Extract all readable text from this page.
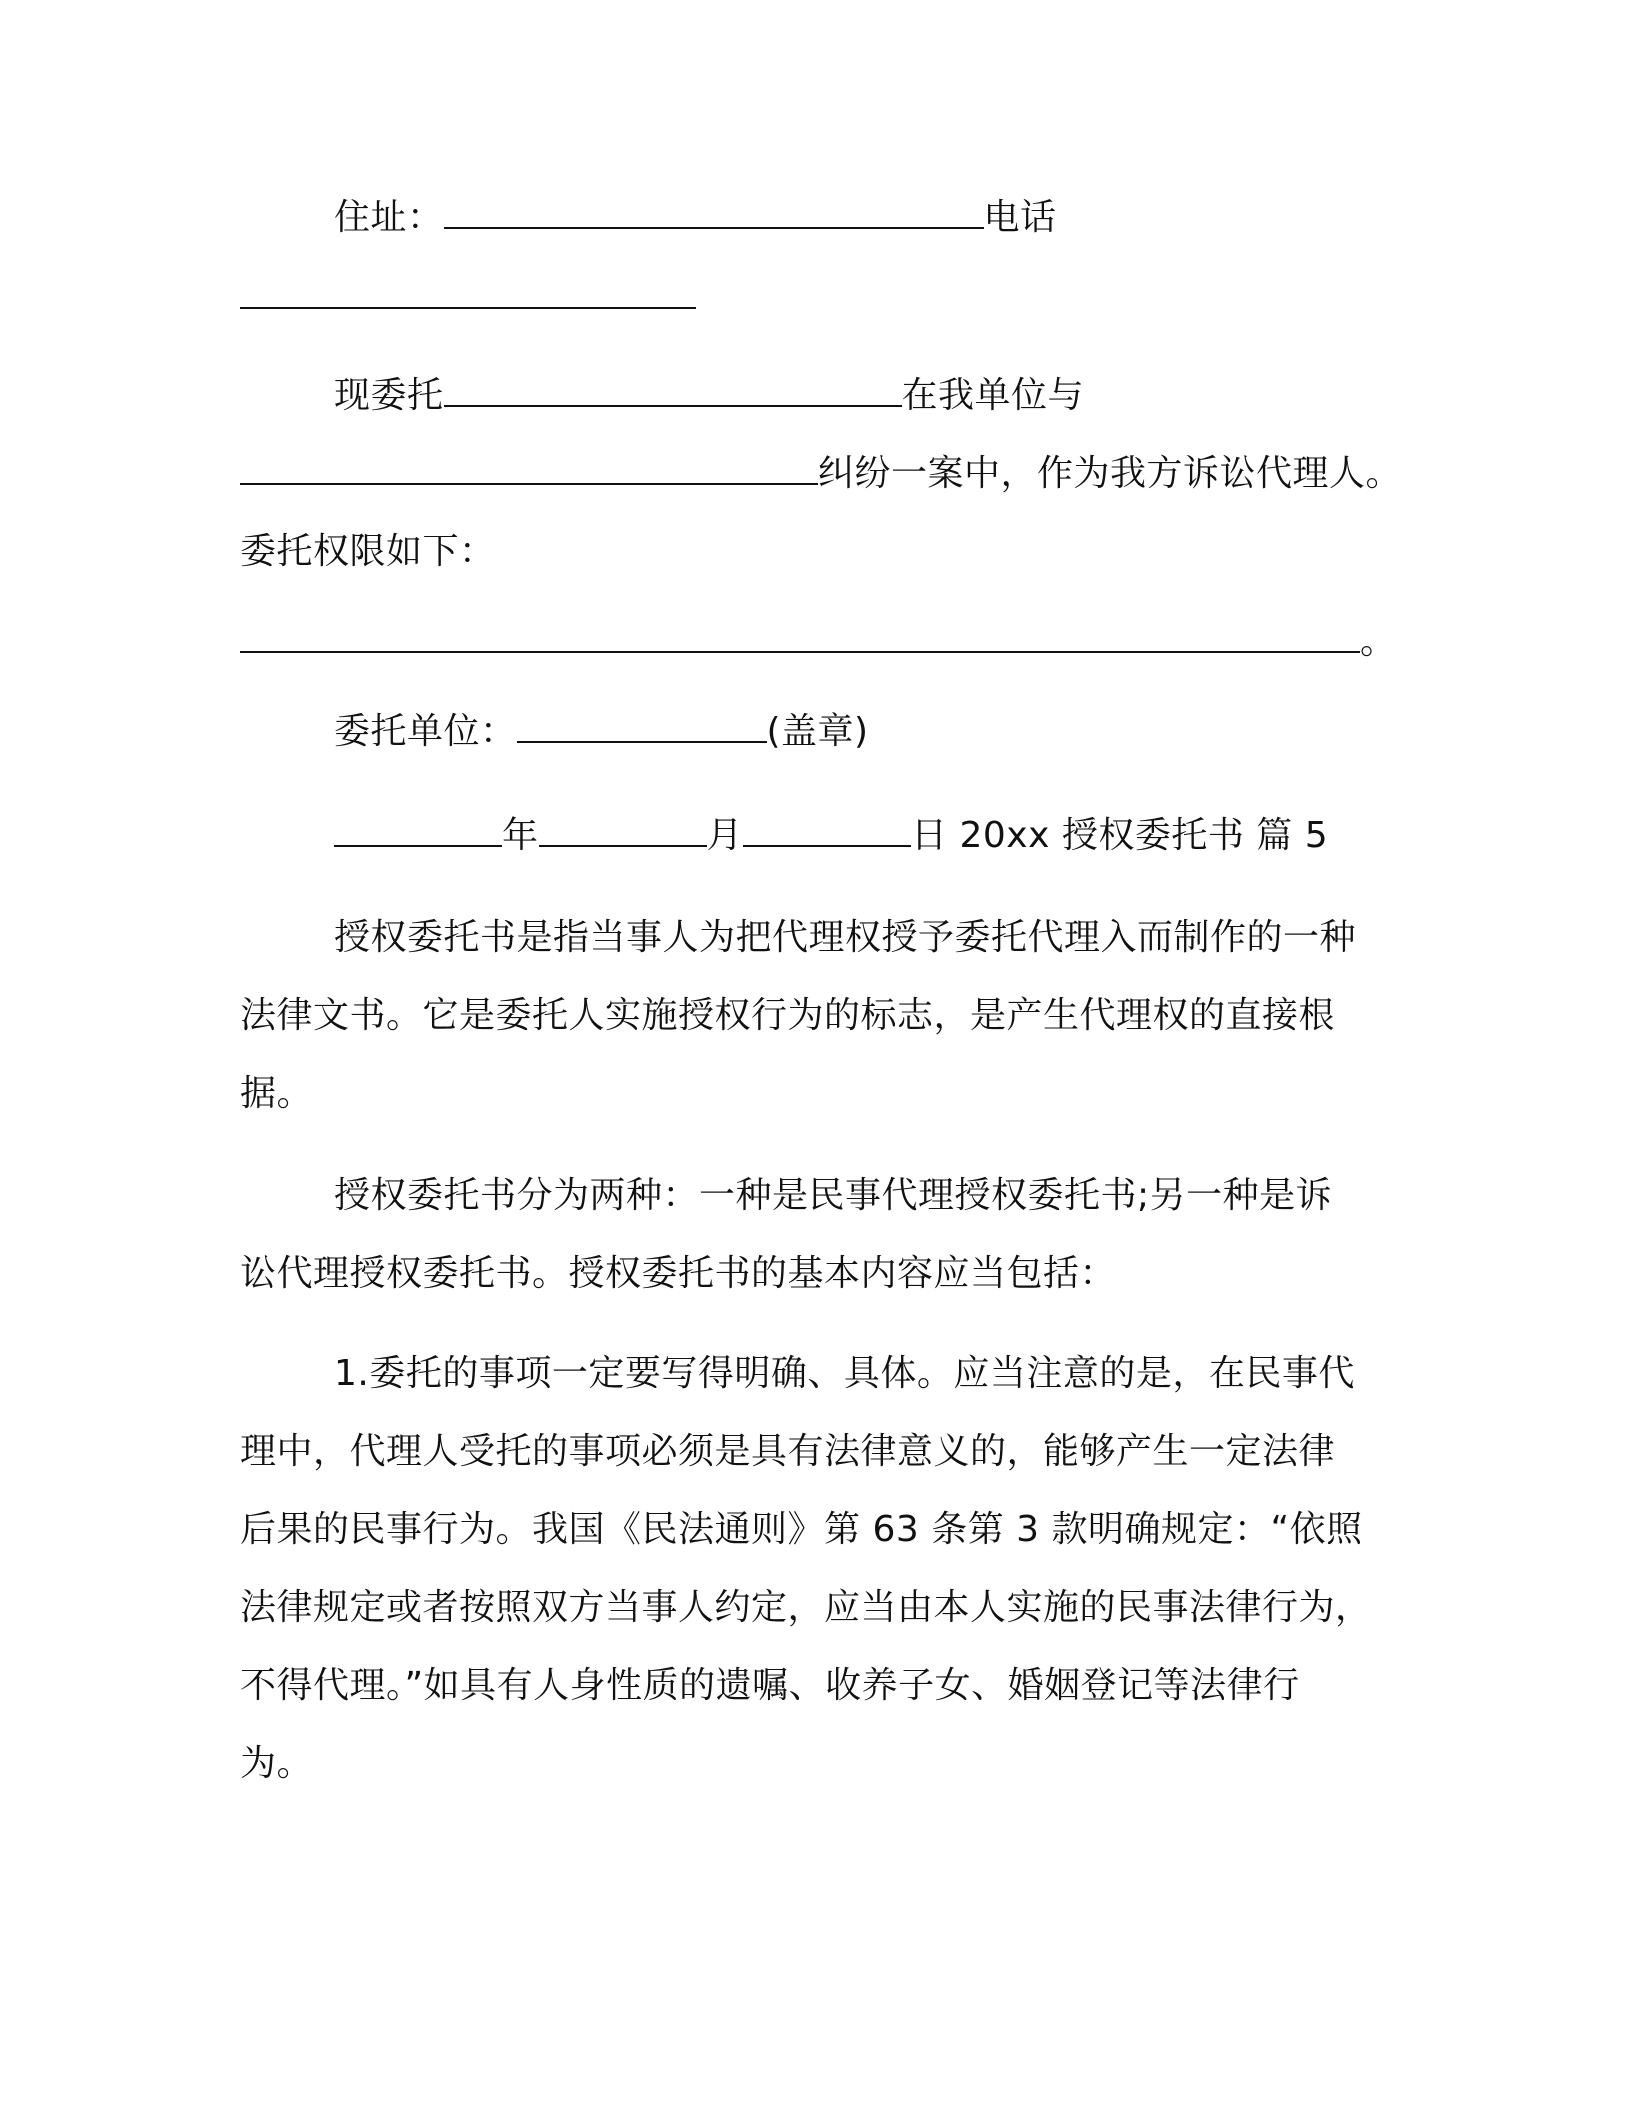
住址：	电话
现委托	在我单位与
纠纷一案中，作为我方诉讼代理人。
委托权限如下：
。
委托单位：	(盖章)
年	月	日 20xx 授权委托书 篇 5
授权委托书是指当事人为把代理权授予委托代理入而制作的一种
法律文书。它是委托人实施授权行为的标志，是产生代理权的直接根
据。
授权委托书分为两种：一种是民事代理授权委托书;另一种是诉
讼代理授权委托书。授权委托书的基本内容应当包括：
1.委托的事项一定要写得明确、具体。应当注意的是，在民事代
理中，代理人受托的事项必须是具有法律意义的，能够产生一定法律
后果的民事行为。我国《民法通则》第 63 条第 3 款明确规定：“依照
法律规定或者按照双方当事人约定，应当由本人实施的民事法律行为，
不得代理。”如具有人身性质的遗嘱、收养子女、婚姻登记等法律行
为。
